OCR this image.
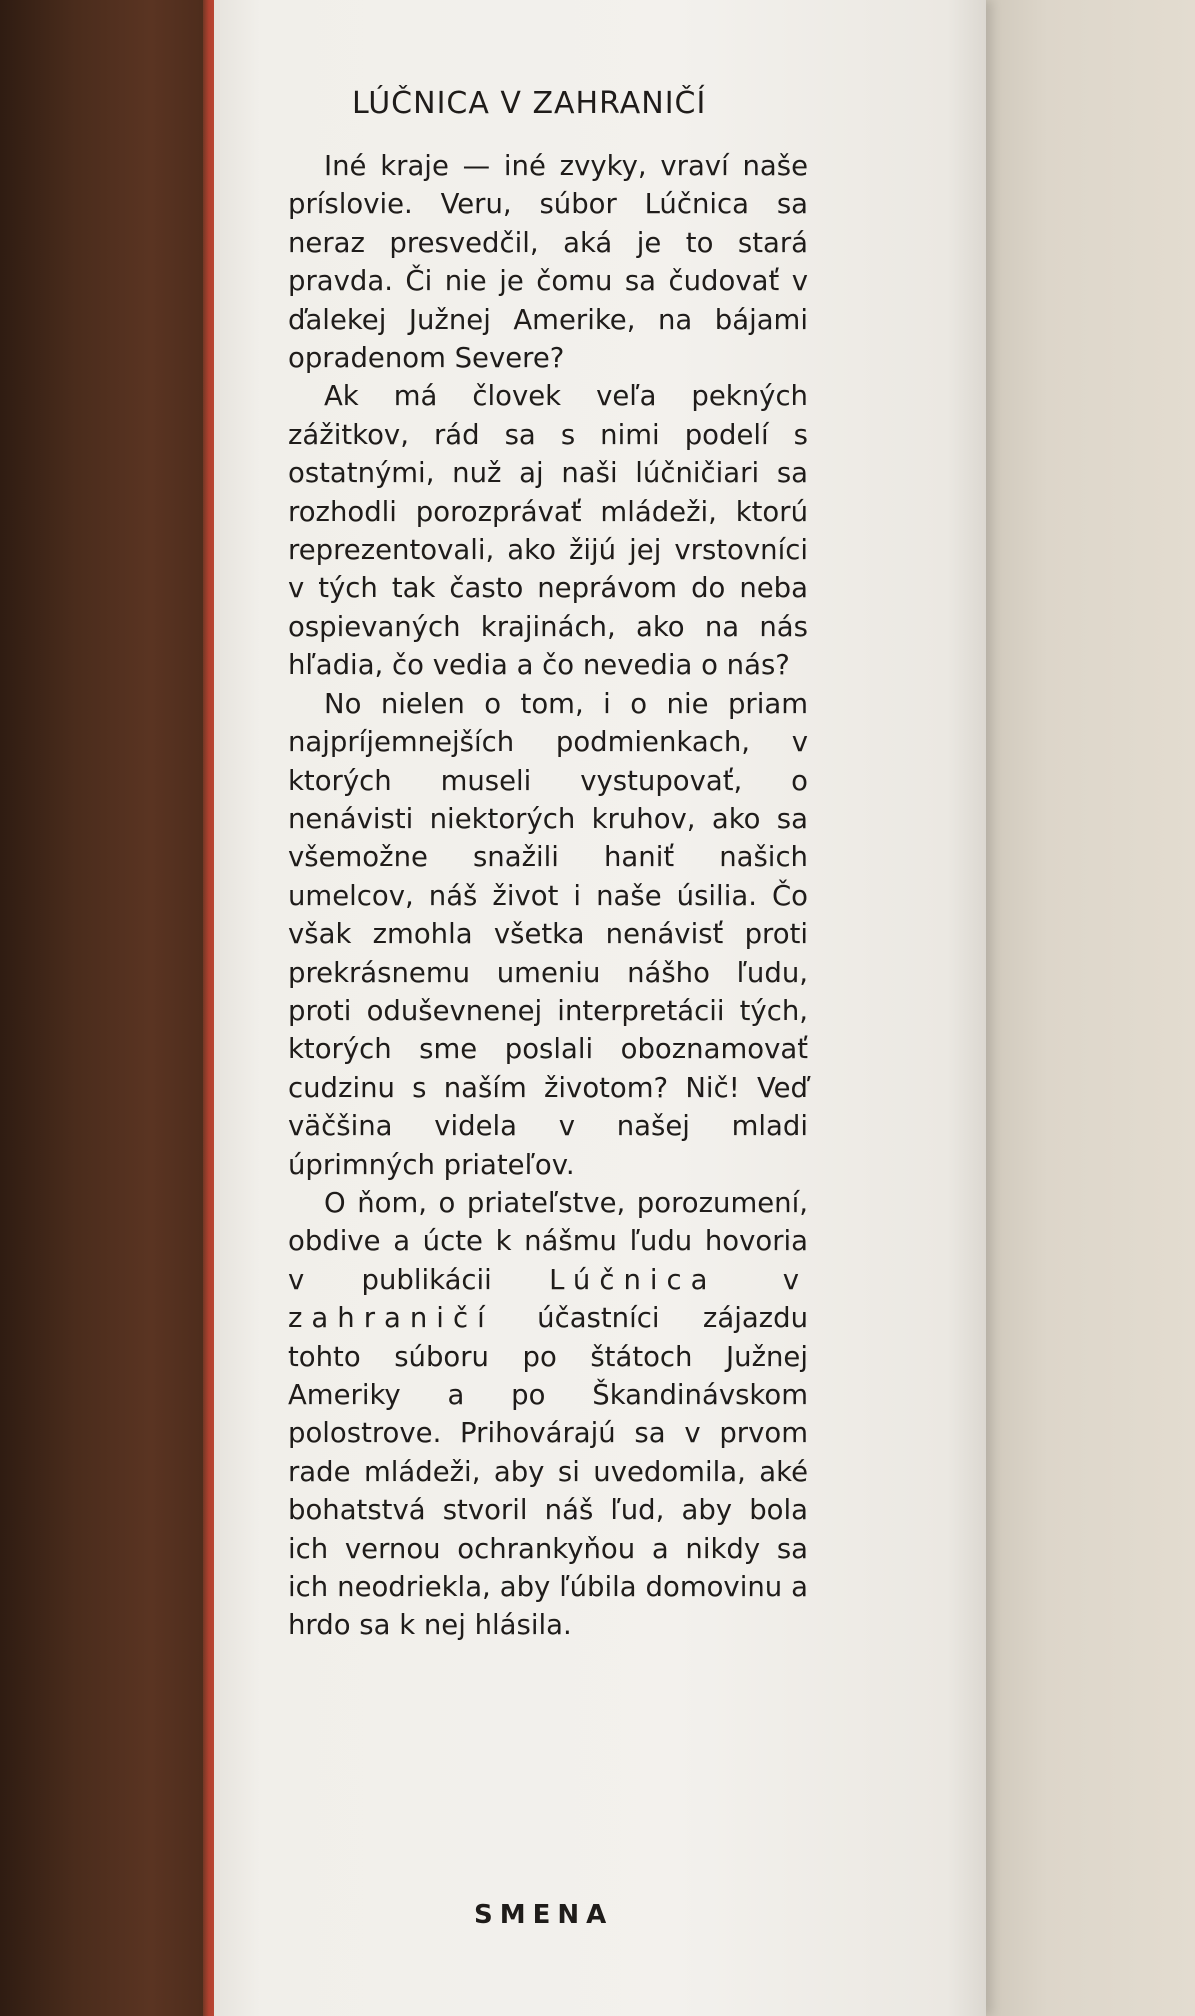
LÚČNICA V ZAHRANIČÍ

Iné kraje — iné zvyky, vraví naše príslovie. Veru, súbor Lúčnica sa neraz presvedčil, aká je to stará pravda. Či nie je čomu sa čudovať v ďalekej Južnej Amerike, na bájami opradenom Severe?

Ak má človek veľa pekných zážitkov, rád sa s nimi podelí s ostatnými, nuž aj naši lúčničiari sa rozhodli porozprávať mládeži, ktorú reprezentovali, ako žijú jej vrstovníci v tých tak často neprávom do neba ospievaných krajinách, ako na nás hľadia, čo vedia a čo nevedia o nás?

No nielen o tom, i o nie priam najpríjemnejších podmienkach, v ktorých museli vystupovať, o nenávisti niektorých kruhov, ako sa všemožne snažili haniť našich umelcov, náš život i naše úsilia. Čo však zmohla všetka nenávisť proti prekrásnemu umeniu nášho ľudu, proti oduševnenej interpretácii tých, ktorých sme poslali oboznamovať cudzinu s naším životom? Nič! Veď väčšina videla v našej mladi úprimných priateľov.

O ňom, o priateľstve, porozumení, obdive a úcte k nášmu ľudu hovoria v publikácii Lúčnica v zahraničí účastníci zájazdu tohto súboru po štátoch Južnej Ameriky a po Škandinávskom polostrove. Prihovárajú sa v prvom rade mládeži, aby si uvedomila, aké bohatstvá stvoril náš ľud, aby bola ich vernou ochrankyňou a nikdy sa ich neodriekla, aby ľúbila domovinu a hrdo sa k nej hlásila.

SMENA
